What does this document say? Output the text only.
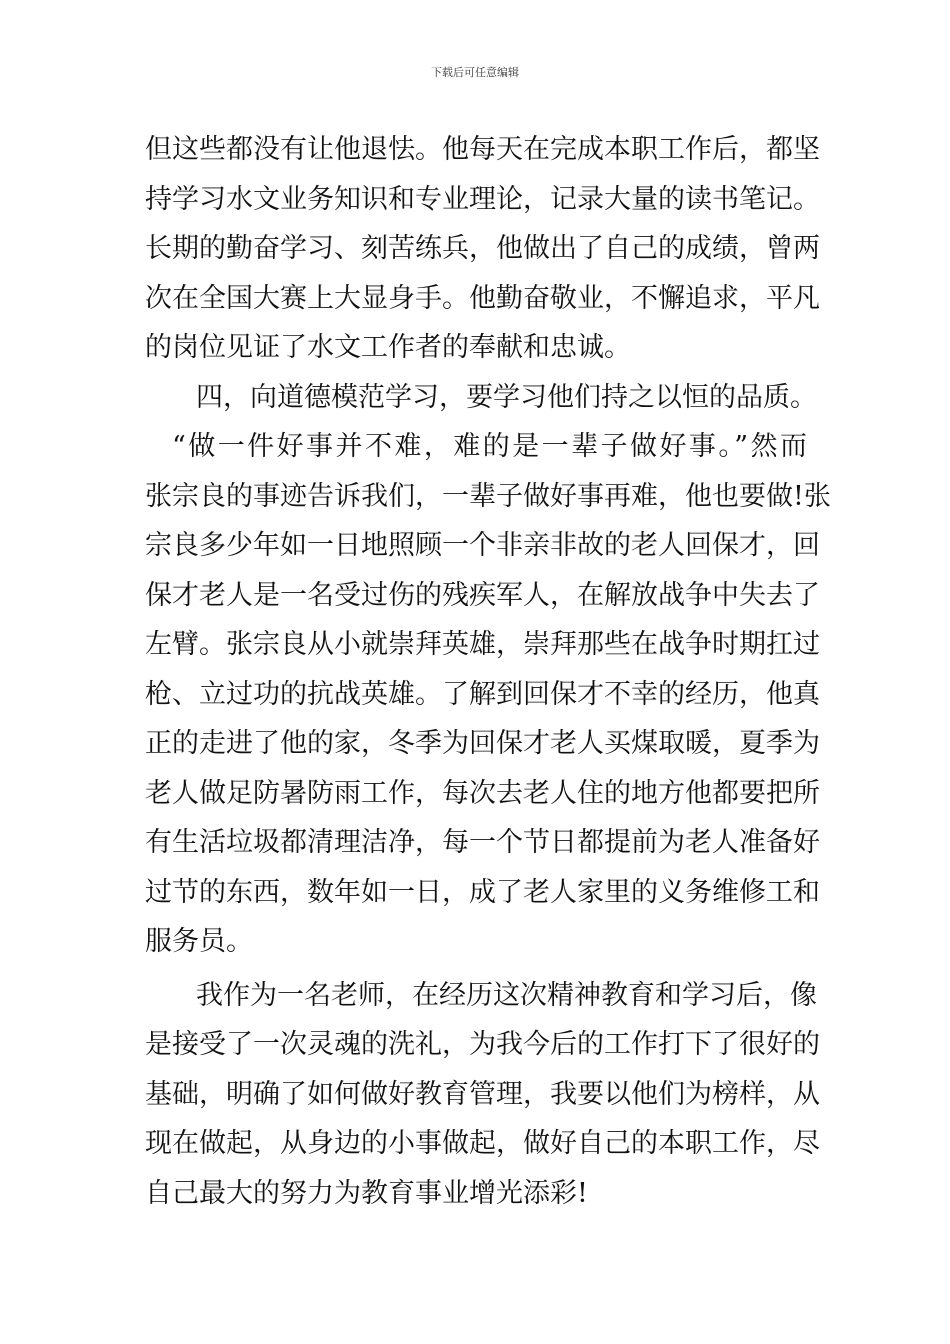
下载后可任意编辑
但这些都没有让他退怯。他每天在完成本职工作后，都坚
持学习水文业务知识和专业理论，记录大量的读书笔记。
长期的勤奋学习、刻苦练兵，他做出了自己的成绩，曾两
次在全国大赛上大显身手。他勤奋敬业，不懈追求，平凡
的岗位见证了水文工作者的奉献和忠诚。
四，向道德模范学习，要学习他们持之以恒的品质。
“做一件好事并不难，难的是一辈子做好事。”然而
张宗良的事迹告诉我们，一辈子做好事再难，他也要做!张
宗良多少年如一日地照顾一个非亲非故的老人回保才，回
保才老人是一名受过伤的残疾军人，在解放战争中失去了
左臂。张宗良从小就崇拜英雄，崇拜那些在战争时期扛过
枪、立过功的抗战英雄。了解到回保才不幸的经历，他真
正的走进了他的家，冬季为回保才老人买煤取暖，夏季为
老人做足防暑防雨工作，每次去老人住的地方他都要把所
有生活垃圾都清理洁净，每一个节日都提前为老人准备好
过节的东西，数年如一日，成了老人家里的义务维修工和
服务员。
我作为一名老师，在经历这次精神教育和学习后，像
是接受了一次灵魂的洗礼，为我今后的工作打下了很好的
基础，明确了如何做好教育管理，我要以他们为榜样，从
现在做起，从身边的小事做起，做好自己的本职工作，尽
自己最大的努力为教育事业增光添彩!
